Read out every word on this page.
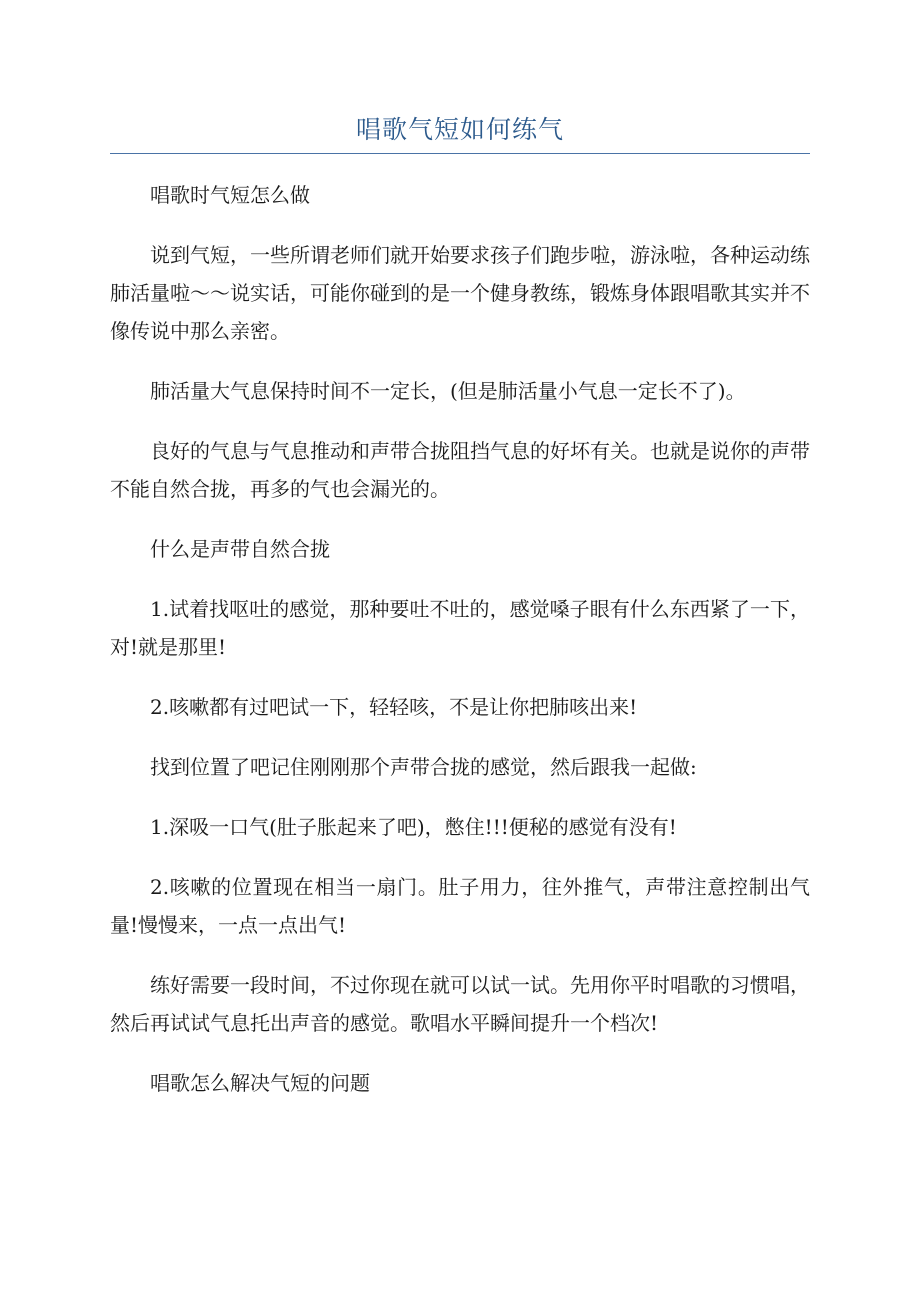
唱歌气短如何练气

唱歌时气短怎么做

说到气短，一些所谓老师们就开始要求孩子们跑步啦，游泳啦，各种运动练肺活量啦～～说实话，可能你碰到的是一个健身教练，锻炼身体跟唱歌其实并不像传说中那么亲密。

肺活量大气息保持时间不一定长，(但是肺活量小气息一定长不了)。

良好的气息与气息推动和声带合拢阻挡气息的好坏有关。也就是说你的声带不能自然合拢，再多的气也会漏光的。

什么是声带自然合拢

1.试着找呕吐的感觉，那种要吐不吐的，感觉嗓子眼有什么东西紧了一下，对!就是那里!

2.咳嗽都有过吧试一下，轻轻咳，不是让你把肺咳出来!

找到位置了吧记住刚刚那个声带合拢的感觉，然后跟我一起做:

1.深吸一口气(肚子胀起来了吧)，憋住!!!便秘的感觉有没有!

2.咳嗽的位置现在相当一扇门。肚子用力，往外推气，声带注意控制出气量!慢慢来，一点一点出气!

练好需要一段时间，不过你现在就可以试一试。先用你平时唱歌的习惯唱，然后再试试气息托出声音的感觉。歌唱水平瞬间提升一个档次!

唱歌怎么解决气短的问题
